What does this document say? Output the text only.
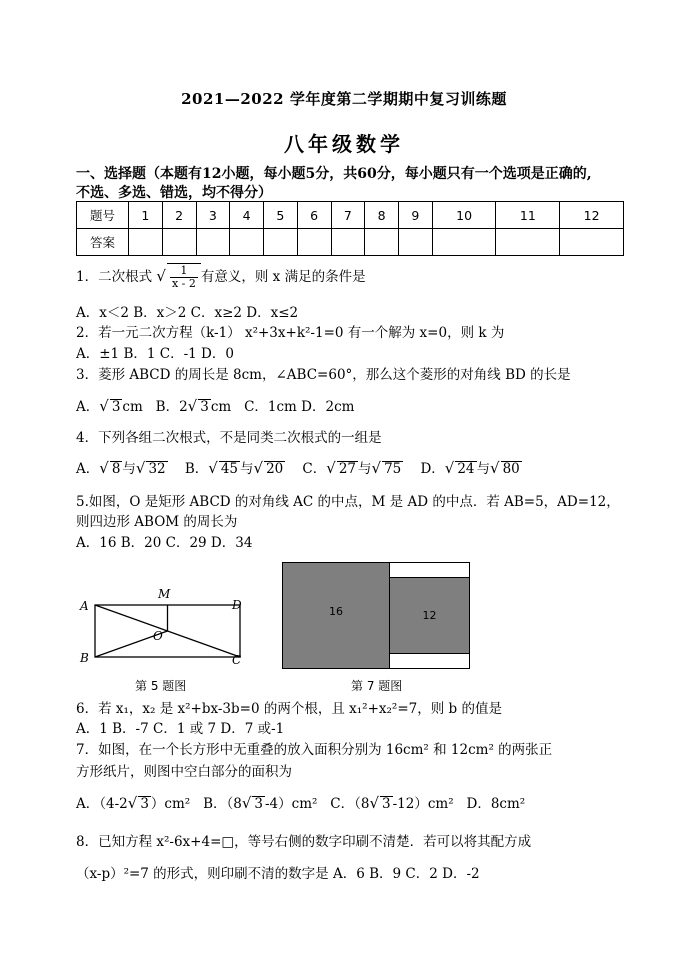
2021—2022 学年度第二学期期中复习训练题
八年级数学
一、选择题（本题有12小题，每小题5分，共60分，每小题只有一个选项是正确的,
不选、多选、错选，均不得分）
题号	1	2	3	4	5	6	7	8	9	10	11	12
答案												
1．二次根式 √ $\frac{1}{x - 2}$ 有意义，则 x 满足的条件是
A．x＜2 B．x＞2 C．x≥2 D．x≤2
2．若一元二次方程（k-1） x²+3x+k²-1=0 有一个解为 x=0，则 k 为
A．±1 B．1 C．-1 D．0
3．菱形 ABCD 的周长是 8cm，∠ABC=60°，那么这个菱形的对角线 BD 的长是
A．√ 3 cm B．2√ 3 cm C．1cm D．2cm
4．下列各组二次根式，不是同类二次根式的一组是
A．√ 8 与√ 32 B．√ 45 与√ 20 C．√ 27 与√ 75 D．√ 24 与√ 80
5.如图，O 是矩形 ABCD 的对角线 AC 的中点，M 是 AD 的中点．若 AB=5，AD=12，
则四边形 ABOM 的周长为
A．16 B．20 C．29 D．34
A
B	C
D
M
O
第 5 题图
16	12
第 7 题图
6．若 x₁，x₂ 是 x²+bx-3b=0 的两个根，且 x₁²+x₂²=7，则 b 的值是
A．1 B．-7 C．1 或 7 D．7 或-1
7．如图，在一个长方形中无重叠的放入面积分别为 16cm² 和 12cm² 的两张正
方形纸片，则图中空白部分的面积为
A．（4-2√ 3 ）cm² B．（8√ 3 -4）cm² C．（8√ 3 -12）cm² D．8cm²
8．已知方程 x²-6x+4=□，等号右侧的数字印刷不清楚．若可以将其配方成
（x-p）²=7 的形式，则印刷不清的数字是 A．6 B．9 C．2 D．-2
